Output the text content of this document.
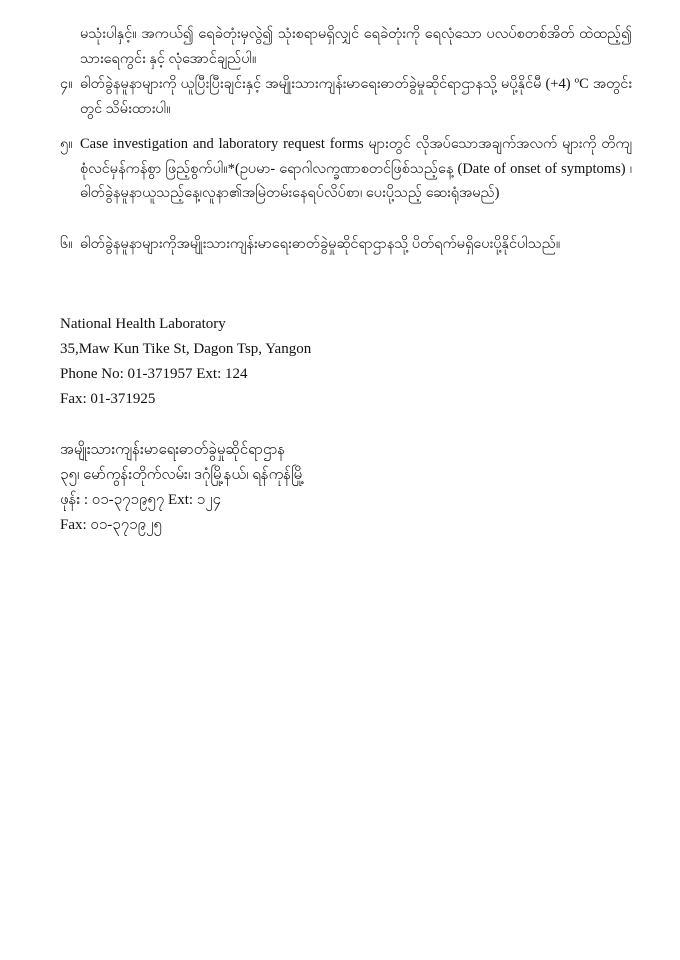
မသုံးပါနှင့်။ အကယ်၍ ရေခဲတုံးမှလွဲ၍ သုံးစရာမရှိလျှင် ရေခဲတုံးကို ရေလုံသော ပလပ်စတစ်အိတ် ထဲထည့်၍ သားရေကွင်း နှင့် လုံအောင်ချည်ပါ။
၄။ ဓါတ်ခွဲနမူနာများကို ယူပြီးပြီးချင်းနှင့် အမျိုးသားကျန်းမာရေးဓာတ်ခွဲမှုဆိုင်ရာဌာနသို့ မပို့နိုင်မီ (+4) ºC အတွင်းတွင် သိမ်းထားပါ။
၅။ Case investigation and laboratory request forms များတွင် လိုအပ်သောအချက်အလက် များကို တိကျစုံလင်မှန်ကန်စွာ ဖြည့်စွက်ပါ။*(ဥပမာ- ရောဂါလက္ခဏာစတင်ဖြစ်သည့်နေ့ (Date of onset of symptoms) ၊ဓါတ်ခွဲနမူနာယူသည့်နေ့၊လူနာ၏အမြဲတမ်းနေရပ်လိပ်စာ၊ ပေးပို့သည့် ဆေးရုံအမည်)
၆။ ဓါတ်ခွဲနမူနာများကိုအမျိုးသားကျန်းမာရေးဓာတ်ခွဲမှုဆိုင်ရာဌာနသို့ ပိတ်ရက်မရှိပေးပို့နိုင်ပါသည်။
National Health Laboratory
35,Maw Kun Tike St, Dagon Tsp, Yangon
Phone No: 01-371957 Ext: 124
Fax: 01-371925
အမျိုးသားကျန်းမာရေးဓာတ်ခွဲမှုဆိုင်ရာဌာန
၃၅၊ မော်ကွန်းတိုက်လမ်း၊ ဒဂုံမြို့နယ်၊ ရန်ကုန်မြို့
ဖုန်း : ၀၁-၃၇၁၉၅၇ Ext: ၁၂၄
Fax: ၀၁-၃၇၁၉၂၅
